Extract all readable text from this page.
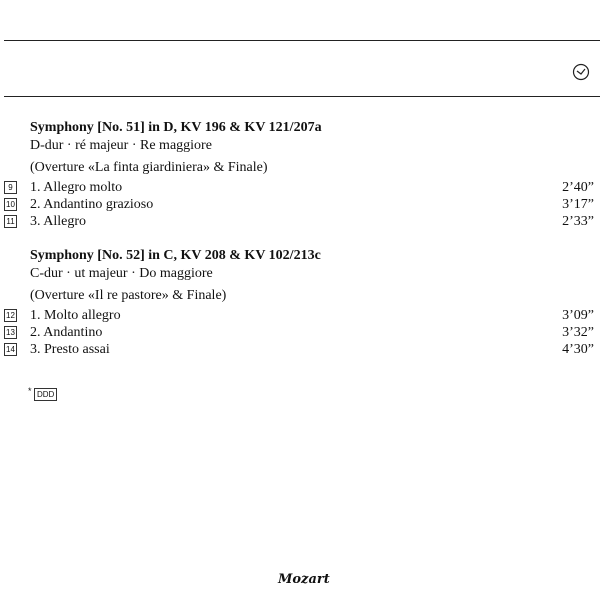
Symphony [No. 51] in D, KV 196 & KV 121/207a
D-dur · ré majeur · Re maggiore
(Overture «La finta giardiniera» & Finale)
9	1. Allegro molto	2’40”
10 2. Andantino grazioso	3’17”
11 3. Allegro	2’33”
Symphony [No. 52] in C, KV 208 & KV 102/213c
C-dur · ut majeur · Do maggiore
(Overture «Il re pastore» & Finale)
12 1. Molto allegro	3’09”
13 2. Andantino	3’32”
14 3. Presto assai	4’30”
* DDD
Mozart
